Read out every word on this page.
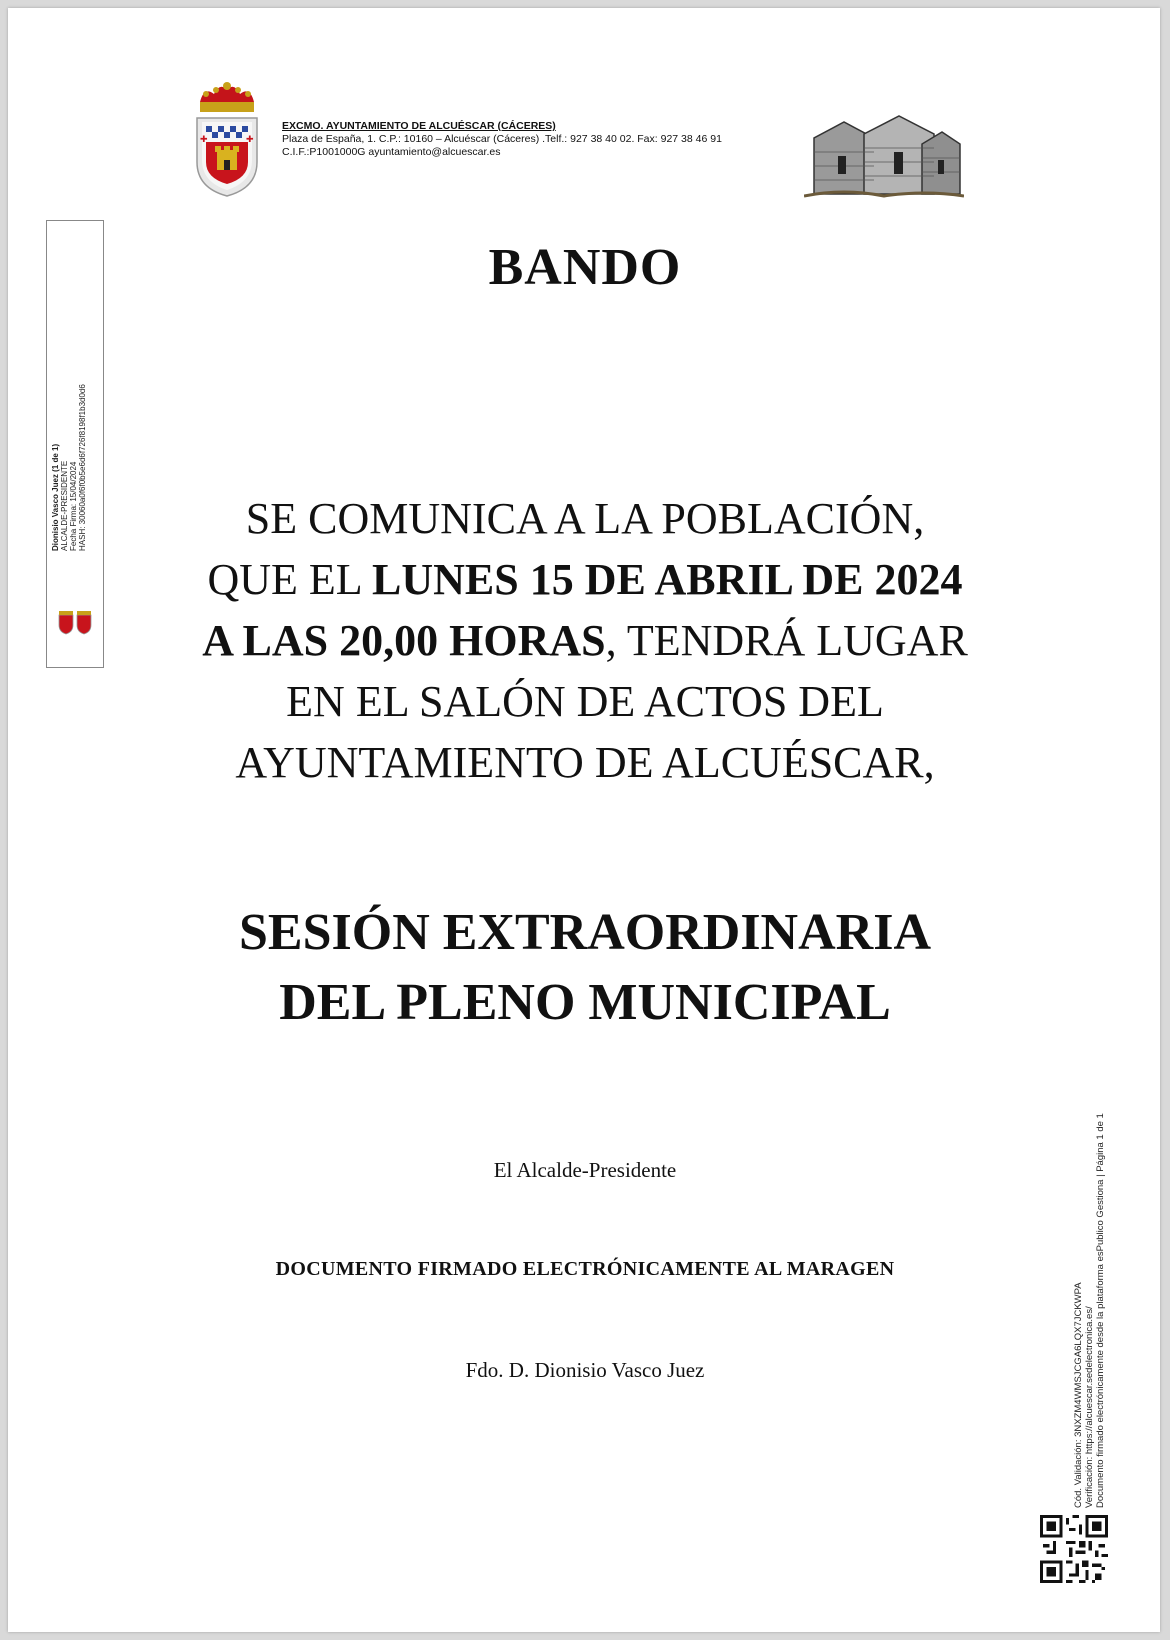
✚	✚
EXCMO. AYUNTAMIENTO DE ALCUÉSCAR (CÁCERES)
Plaza de España, 1. C.P.: 10160 – Alcuéscar (Cáceres) .Telf.: 927 38 40 02. Fax: 927 38 46 91
C.I.F.:P1001000G ayuntamiento@alcuescar.es
BANDO
SE COMUNICA A LA POBLACIÓN,
QUE EL LUNES 15 DE ABRIL DE 2024
A LAS 20,00 HORAS, TENDRÁ LUGAR
EN EL SALÓN DE ACTOS DEL
AYUNTAMIENTO DE ALCUÉSCAR,
SESIÓN EXTRAORDINARIA
DEL PLENO MUNICIPAL
El Alcalde-Presidente
DOCUMENTO FIRMADO ELECTRÓNICAMENTE AL MARAGEN
Fdo. D. Dionisio Vasco Juez
Dionisio Vasco Juez (1 de 1) ALCALDE-PRESIDENTE Fecha Firma: 15/04/2024 HASH: 30060a0f6f0b5e6d6f726f8198f1b3d0d6
Cód. Validación: 3NXZM4WMSJCGA6LQX7JCKWPA Verificación: https://alcuescar.sedelectronica.es/ Documento firmado electrónicamente desde la plataforma esPublico Gestiona | Página 1 de 1
